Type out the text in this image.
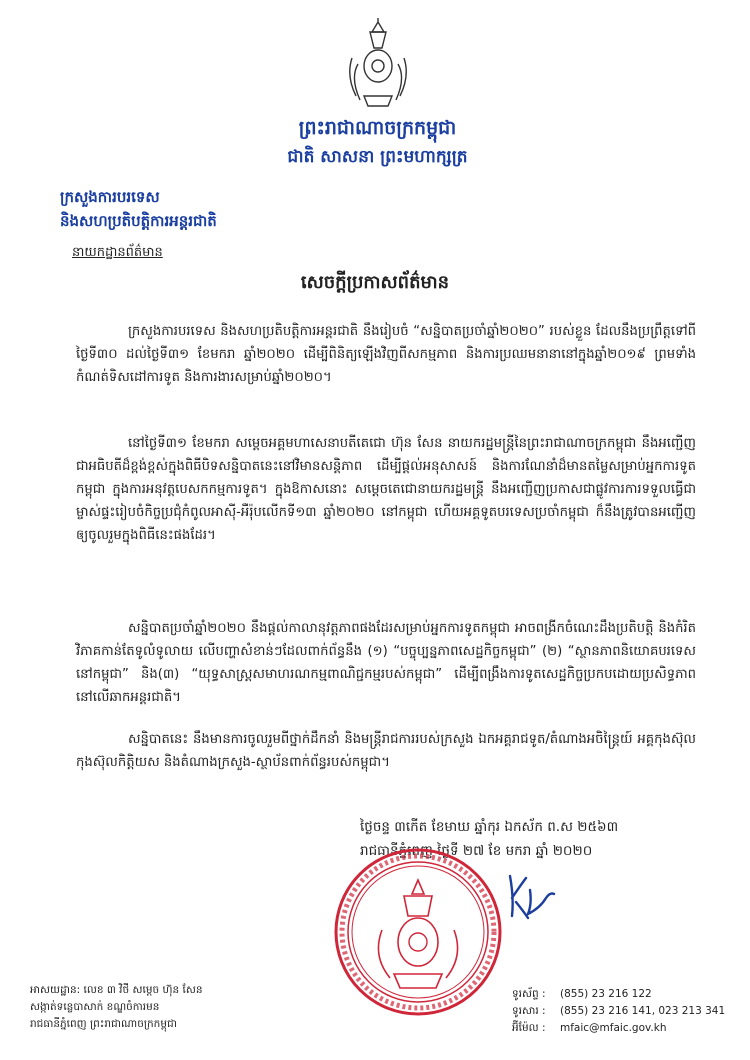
ព្រះរាជាណាចក្រកម្ពុជា
ជាតិ សាសនា ព្រះមហាក្សត្រ
ក្រសួងការបរទេស
និងសហប្រតិបត្តិការអន្តរជាតិ
នាយកដ្ឋានព័ត៌មាន
សេចក្តីប្រកាសព័ត៌មាន
ក្រសួងការបរទេស និងសហប្រតិបត្តិការអន្តរជាតិ នឹងរៀបចំ “សន្និបាតប្រចាំឆ្នាំ២០២០” របស់ខ្លួន ដែលនឹងប្រព្រឹត្តទៅពីថ្ងៃទី៣០ ដល់ថ្ងៃទី៣១ ខែមករា ឆ្នាំ២០២០ ដើម្បីពិនិត្យឡើងវិញពីសកម្មភាព និងការប្រឈមនានានៅក្នុងឆ្នាំ២០១៩ ព្រមទាំងកំណត់ទិសដៅការទូត និងការងារសម្រាប់ឆ្នាំ២០២០។
នៅថ្ងៃទី៣១ ខែមករា សម្តេចអគ្គមហាសេនាបតីតេជោ ហ៊ុន សែន នាយករដ្ឋមន្ត្រីនៃព្រះរាជាណាចក្រកម្ពុជា នឹងអញ្ជើញជាអធិបតីដ៏ខ្ពង់ខ្ពស់ក្នុងពិធីបិទសន្និបាតនេះនៅវិមានសន្តិភាព ដើម្បីផ្តល់អនុសាសន៍ និងការណែនាំដ៏មានតម្លៃសម្រាប់អ្នកការទូតកម្ពុជា ក្នុងការអនុវត្តបេសកកម្មការទូត។ ក្នុងឱកាសនោះ សម្តេចតេជោនាយករដ្ឋមន្ត្រី នឹងអញ្ជើញប្រកាសជាផ្លូវការការទទួលធ្វើជាម្ចាស់ផ្ទះរៀបចំកិច្ចប្រជុំកំពូលអាស៊ី-អឺរ៉ុបលើកទី១៣ ឆ្នាំ២០២០ នៅកម្ពុជា ហើយអគ្គទូតបរទេសប្រចាំកម្ពុជា ក៏នឹងត្រូវបានអញ្ជើញឲ្យចូលរួមក្នុងពិធីនេះផងដែរ។
សន្និបាតប្រចាំឆ្នាំ២០២០ នឹងផ្តល់កាលានុវត្តភាពផងដែរសម្រាប់អ្នកការទូតកម្ពុជា អាចពង្រីកចំណេះដឹងប្រតិបត្តិ និងកំរិតវិភាគកាន់តែទូលំទូលាយ លើបញ្ហាសំខាន់ៗដែលពាក់ព័ន្ធនឹង (១) “បច្ចុប្បន្នភាពសេដ្ឋកិច្ចកម្ពុជា” (២) “ស្ថានភាពនិយោគបរទេសនៅកម្ពុជា” និង(៣) “យុទ្ធសាស្ត្រសមាហរណកម្មពាណិជ្ជកម្មរបស់កម្ពុជា” ដើម្បីពង្រឹងការទូតសេដ្ឋកិច្ចប្រកបដោយប្រសិទ្ធភាព នៅលើឆាកអន្តរជាតិ។
សន្និបាតនេះ នឹងមានការចូលរួមពីថ្នាក់ដឹកនាំ និងមន្ត្រីរាជការរបស់ក្រសួង ឯកអគ្គរាជទូត/តំណាងអចិន្ត្រៃយ៍ អគ្គកុងស៊ុល កុងស៊ុលកិត្តិយស និងតំណាងក្រសួង-ស្ថាប័នពាក់ព័ន្ធរបស់កម្ពុជា។
ថ្ងៃចន្ទ ៣កើត ខែមាឃ ឆ្នាំកុរ ឯកស័ក ព.ស ២៥៦៣
រាជធានីភ្នំពេញ ថ្ងៃទី ២៧ ខែ មករា ឆ្នាំ ២០២០
អាសយដ្ឋាន: លេខ ៣ វិថី សម្តេច ហ៊ុន សែន
សង្កាត់ទន្លេបាសាក់ ខណ្ឌចំការមន
រាជធានីភ្នំពេញ ព្រះរាជាណាចក្រកម្ពុជា
ទូរស័ព្ទ :	(855) 23 216 122
ទូរសារ :	(855) 23 216 141, 023 213 341
អ៊ីម៉ែល :	mfaic@mfaic.gov.kh
